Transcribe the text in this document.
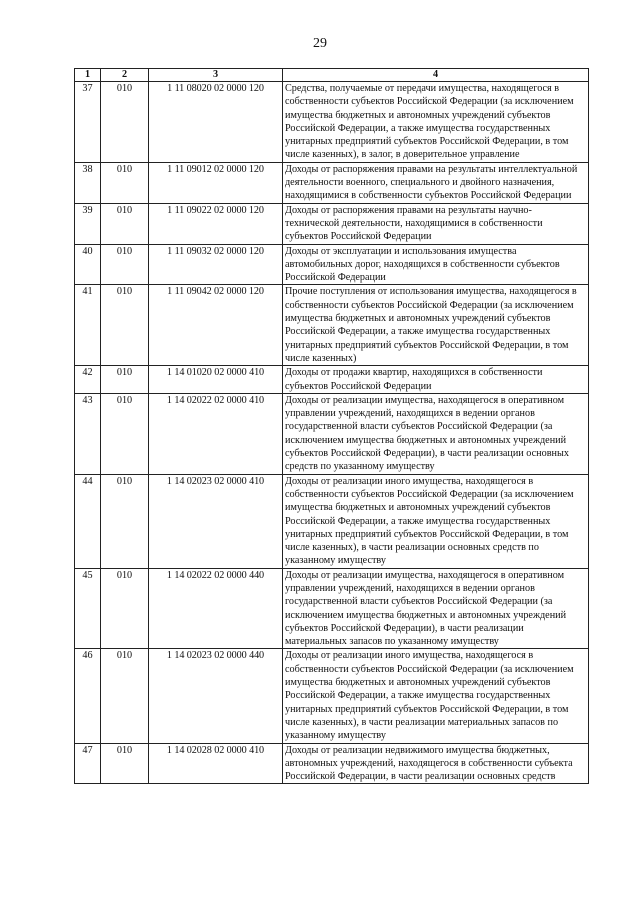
29
1	2	3	4
37	010	1 11 08020 02 0000 120	Средства, получаемые от передачи имущества, находящегося в собственности субъектов Российской Федерации (за исключением имущества бюджетных и автономных учреждений субъектов Российской Федерации, а также имущества государственных унитарных предприятий субъектов Российской Федерации, в том числе казенных), в залог, в доверительное управление
38	010	1 11 09012 02 0000 120	Доходы от распоряжения правами на результаты интеллектуальной деятельности военного, специального и двойного назначения, находящимися в собственности субъектов Российской Федерации
39	010	1 11 09022 02 0000 120	Доходы от распоряжения правами на результаты научно-технической деятельности, находящимися в собственности субъектов Российской Федерации
40	010	1 11 09032 02 0000 120	Доходы от эксплуатации и использования имущества автомобильных дорог, находящихся в собственности субъектов Российской Федерации
41	010	1 11 09042 02 0000 120	Прочие поступления от использования имущества, находящегося в собственности субъектов Российской Федерации (за исключением имущества бюджетных и автономных учреждений субъектов Российской Федерации, а также имущества государственных унитарных предприятий субъектов Российской Федерации, в том числе казенных)
42	010	1 14 01020 02 0000 410	Доходы от продажи квартир, находящихся в собственности субъектов Российской Федерации
43	010	1 14 02022 02 0000 410	Доходы от реализации имущества, находящегося в оперативном управлении учреждений, находящихся в ведении органов государственной власти субъектов Российской Федерации (за исключением имущества бюджетных и автономных учреждений субъектов Российской Федерации), в части реализации основных средств по указанному имуществу
44	010	1 14 02023 02 0000 410	Доходы от реализации иного имущества, находящегося в собственности субъектов Российской Федерации (за исключением имущества бюджетных и автономных учреждений субъектов Российской Федерации, а также имущества государственных унитарных предприятий субъектов Российской Федерации, в том числе казенных), в части реализации основных средств по указанному имуществу
45	010	1 14 02022 02 0000 440	Доходы от реализации имущества, находящегося в оперативном управлении учреждений, находящихся в ведении органов государственной власти субъектов Российской Федерации (за исключением имущества бюджетных и автономных учреждений субъектов Российской Федерации), в части реализации материальных запасов по указанному имуществу
46	010	1 14 02023 02 0000 440	Доходы от реализации иного имущества, находящегося в собственности субъектов Российской Федерации (за исключением имущества бюджетных и автономных учреждений субъектов Российской Федерации, а также имущества государственных унитарных предприятий субъектов Российской Федерации, в том числе казенных), в части реализации материальных запасов по указанному имуществу
47	010	1 14 02028 02 0000 410	Доходы от реализации недвижимого имущества бюджетных, автономных учреждений, находящегося в собственности субъекта Российской Федерации, в части реализации основных средств
